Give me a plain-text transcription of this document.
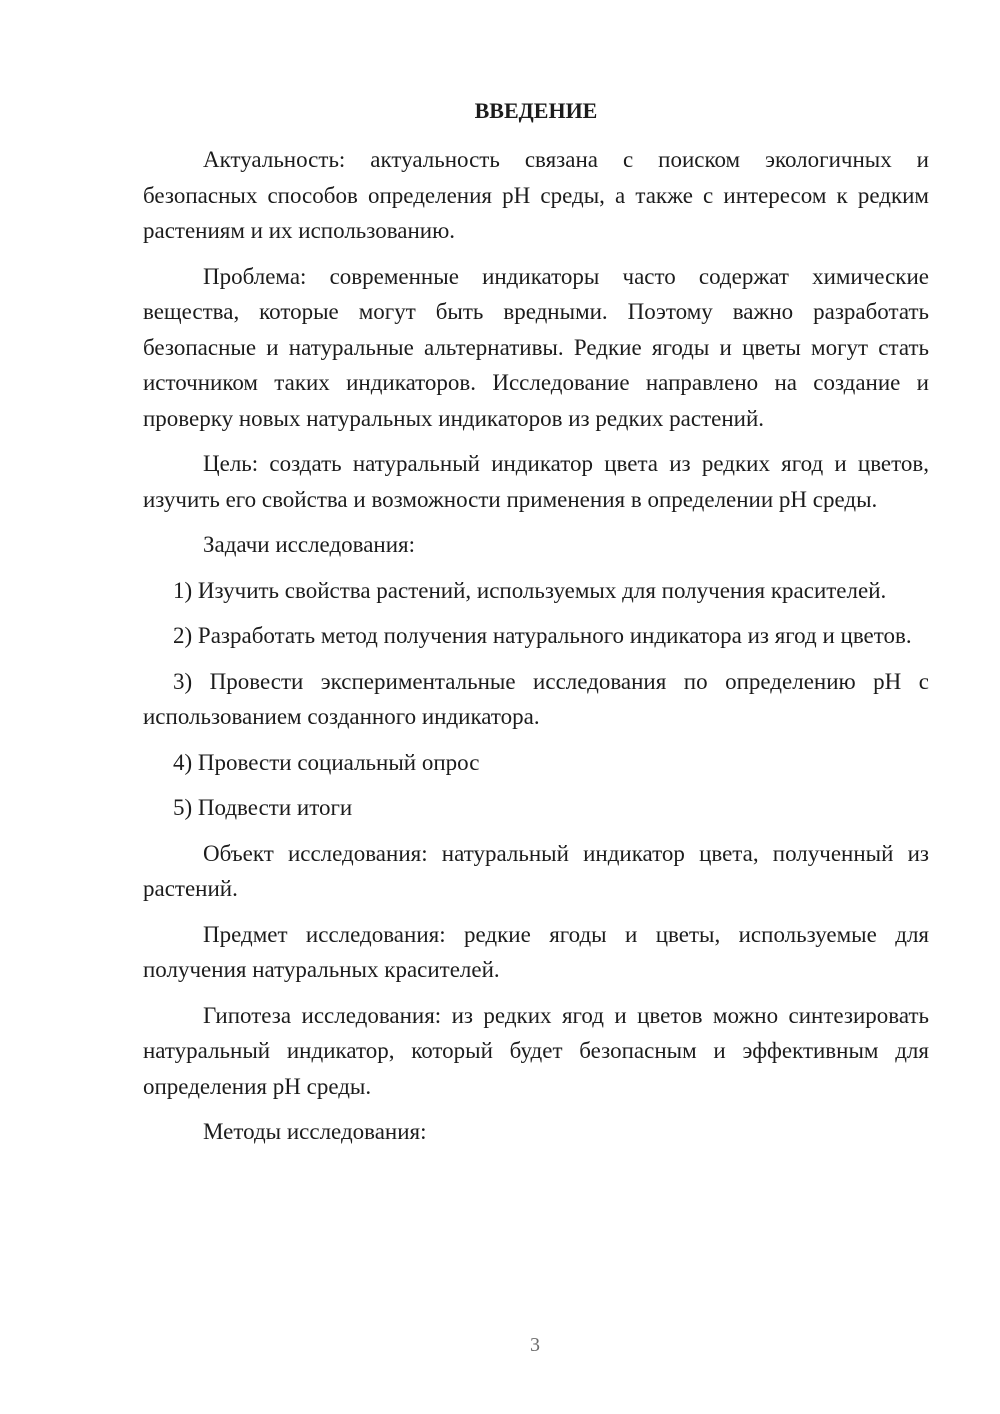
ВВЕДЕНИЕ

Актуальность: актуальность связана с поиском экологичных и безопасных способов определения pH среды, а также с интересом к редким растениям и их использованию.

Проблема: современные индикаторы часто содержат химические вещества, которые могут быть вредными. Поэтому важно разработать безопасные и натуральные альтернативы. Редкие ягоды и цветы могут стать источником таких индикаторов. Исследование направлено на создание и проверку новых натуральных индикаторов из редких растений.

Цель: создать натуральный индикатор цвета из редких ягод и цветов, изучить его свойства и возможности применения в определении pH среды.

Задачи исследования:

1) Изучить свойства растений, используемых для получения красителей.

2) Разработать метод получения натурального индикатора из ягод и цветов.

3) Провести экспериментальные исследования по определению pH с использованием созданного индикатора.

4) Провести социальный опрос

5) Подвести итоги

Объект исследования: натуральный индикатор цвета, полученный из растений.

Предмет исследования: редкие ягоды и цветы, используемые для получения натуральных красителей.

Гипотеза исследования: из редких ягод и цветов можно синтезировать натуральный индикатор, который будет безопасным и эффективным для определения pH среды.

Методы исследования:

3
